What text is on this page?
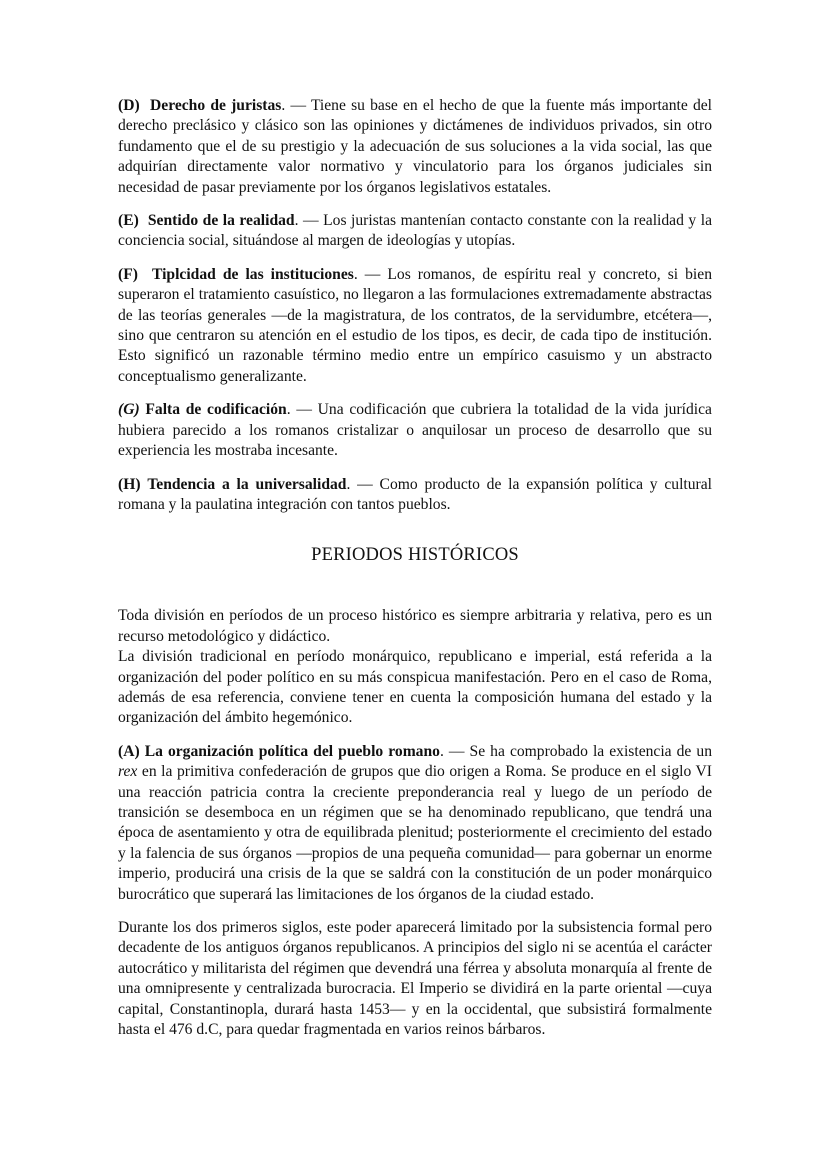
(D) Derecho de juristas. — Tiene su base en el hecho de que la fuente más importante del derecho preclásico y clásico son las opiniones y dictámenes de individuos privados, sin otro fundamento que el de su prestigio y la adecuación de sus soluciones a la vida social, las que adquirían directamente valor normativo y vinculatorio para los órganos judiciales sin necesidad de pasar previamente por los órganos legislativos estatales.

(E) Sentido de la realidad. — Los juristas mantenían contacto constante con la realidad y la conciencia social, situándose al margen de ideologías y utopías.

(F) Tiplcidad de las instituciones. — Los romanos, de espíritu real y concreto, si bien superaron el tratamiento casuístico, no llegaron a las formulaciones extremadamente abstractas de las teorías generales —de la magistratura, de los contratos, de la servidumbre, etcétera—, sino que centraron su atención en el estudio de los tipos, es decir, de cada tipo de institución. Esto significó un razonable término medio entre un empírico casuismo y un abstracto conceptualismo generalizante.

(G) Falta de codificación. — Una codificación que cubriera la totalidad de la vida jurídica hubiera parecido a los romanos cristalizar o anquilosar un proceso de desarrollo que su experiencia les mostraba incesante.

(H) Tendencia a la universalidad. — Como producto de la expansión política y cultural romana y la paulatina integración con tantos pueblos.

PERIODOS HISTÓRICOS

Toda división en períodos de un proceso histórico es siempre arbitraria y relativa, pero es un recurso metodológico y didáctico.

La división tradicional en período monárquico, republicano e imperial, está referida a la organización del poder político en su más conspicua manifestación. Pero en el caso de Roma, además de esa referencia, conviene tener en cuenta la composición humana del estado y la organización del ámbito hegemónico.

(A) La organización política del pueblo romano. — Se ha comprobado la existencia de un rex en la primitiva confederación de grupos que dio origen a Roma. Se produce en el siglo VI una reacción patricia contra la creciente preponderancia real y luego de un período de transición se desemboca en un régimen que se ha denominado republicano, que tendrá una época de asentamiento y otra de equilibrada plenitud; posteriormente el crecimiento del estado y la falencia de sus órganos —propios de una pequeña comunidad— para gobernar un enorme imperio, producirá una crisis de la que se saldrá con la constitución de un poder monárquico burocrático que superará las limitaciones de los órganos de la ciudad estado.

Durante los dos primeros siglos, este poder aparecerá limitado por la subsistencia formal pero decadente de los antiguos órganos republicanos. A principios del siglo ni se acentúa el carácter autocrático y militarista del régimen que devendrá una férrea y absoluta monarquía al frente de una omnipresente y centralizada burocracia. El Imperio se dividirá en la parte oriental —cuya capital, Constantinopla, durará hasta 1453— y en la occidental, que subsistirá formalmente hasta el 476 d.C, para quedar fragmentada en varios reinos bárbaros.
